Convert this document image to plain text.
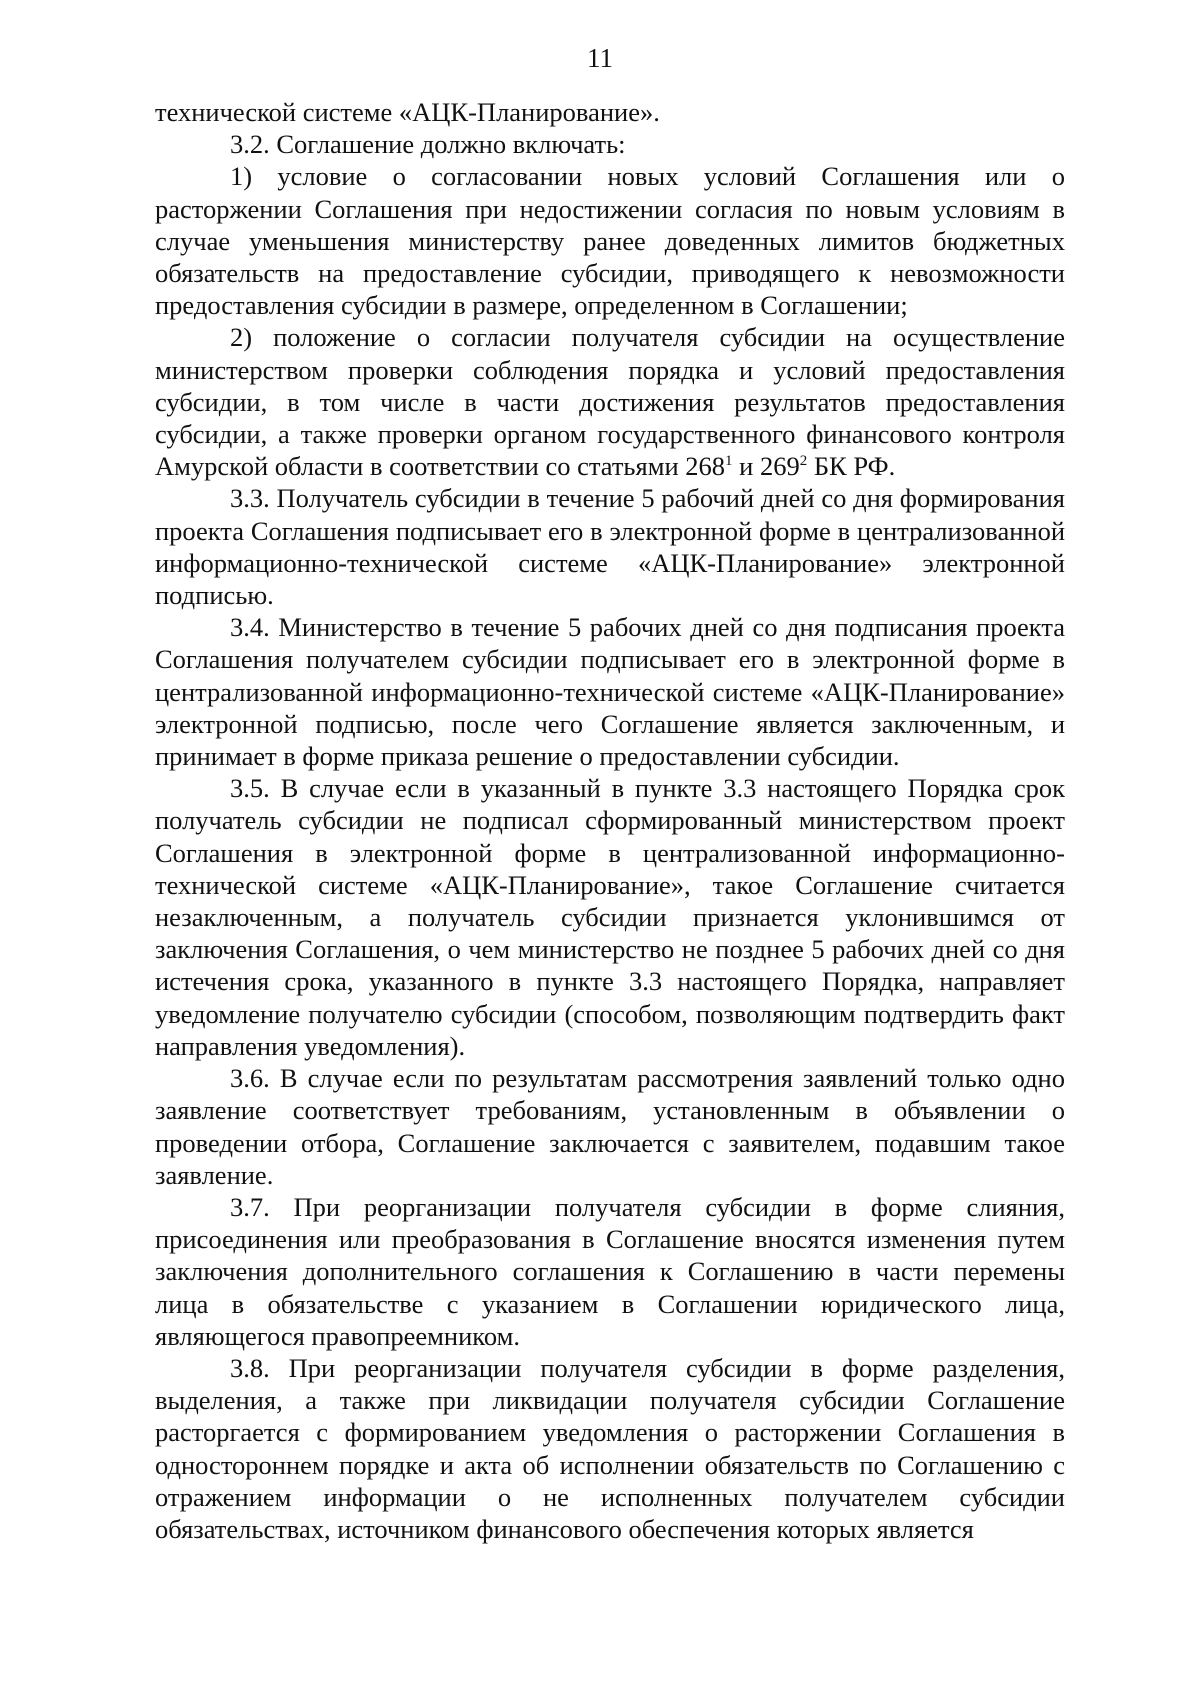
11

технической системе «АЦК-Планирование».

3.2. Соглашение должно включать:

1) условие о согласовании новых условий Соглашения или о расторжении Соглашения при недостижении согласия по новым условиям в случае уменьшения министерству ранее доведенных лимитов бюджетных обязательств на предоставление субсидии, приводящего к невозможности предоставления субсидии в размере, определенном в Соглашении;

2) положение о согласии получателя субсидии на осуществление министерством проверки соблюдения порядка и условий предоставления субсидии, в том числе в части достижения результатов предоставления субсидии, а также проверки органом государственного финансового контроля Амурской области в соответствии со статьями $268^1$ и $269^2$ БК РФ.

3.3. Получатель субсидии в течение 5 рабочий дней со дня формирования проекта Соглашения подписывает его в электронной форме в централизованной информационно-технической системе «АЦК-Планирование» электронной подписью.

3.4. Министерство в течение 5 рабочих дней со дня подписания проекта Соглашения получателем субсидии подписывает его в электронной форме в централизованной информационно-технической системе «АЦК-Планирование» электронной подписью, после чего Соглашение является заключенным, и принимает в форме приказа решение о предоставлении субсидии.

3.5. В случае если в указанный в пункте 3.3 настоящего Порядка срок получатель субсидии не подписал сформированный министерством проект Соглашения в электронной форме в централизованной информационно-технической системе «АЦК-Планирование», такое Соглашение считается незаключенным, а получатель субсидии признается уклонившимся от заключения Соглашения, о чем министерство не позднее 5 рабочих дней со дня истечения срока, указанного в пункте 3.3 настоящего Порядка, направляет уведомление получателю субсидии (способом, позволяющим подтвердить факт направления уведомления).

3.6. В случае если по результатам рассмотрения заявлений только одно заявление соответствует требованиям, установленным в объявлении о проведении отбора, Соглашение заключается с заявителем, подавшим такое заявление.

3.7. При реорганизации получателя субсидии в форме слияния, присоединения или преобразования в Соглашение вносятся изменения путем заключения дополнительного соглашения к Соглашению в части перемены лица в обязательстве с указанием в Соглашении юридического лица, являющегося правопреемником.

3.8. При реорганизации получателя субсидии в форме разделения, выделения, а также при ликвидации получателя субсидии Соглашение расторгается с формированием уведомления о расторжении Соглашения в одностороннем порядке и акта об исполнении обязательств по Соглашению с отражением информации о не исполненных получателем субсидии обязательствах, источником финансового обеспечения которых является
